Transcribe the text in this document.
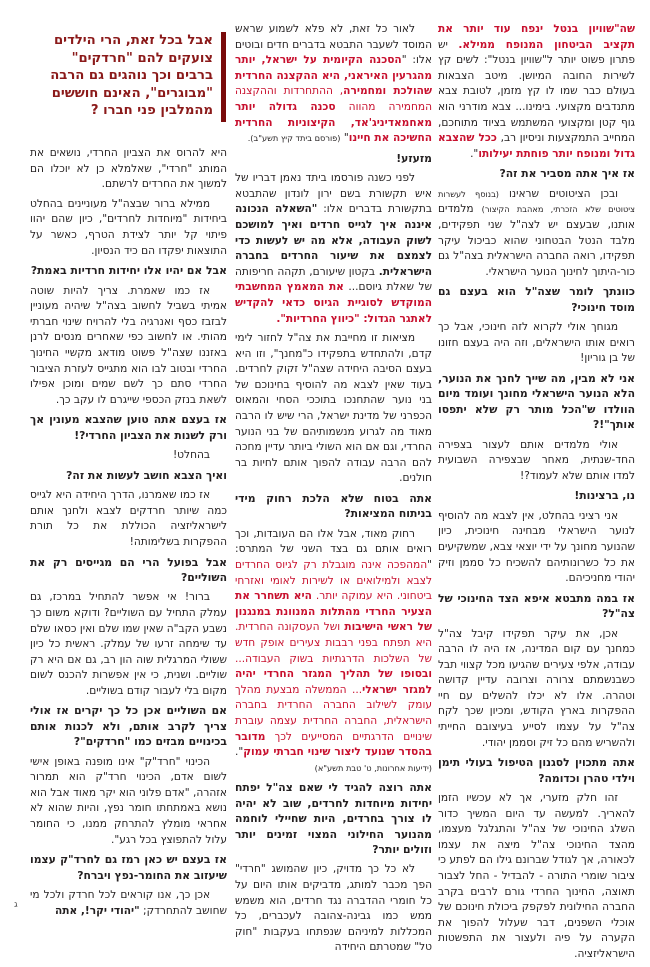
שה"שוויון בנטל ינפח עוד יותר את תקציב הביטחון המנופח ממילא. יש פתרון פשוט יותר ל"שוויון בנטל": לשים קץ לשירות החובה המיושן. מיטב הצבאות בעולם כבר שמו לו קץ מזמן, לטובת צבא מתנדבים מקצועי. בימינו... צבא מודרני הוא גוף קטן ומקצועי המשתמש בציוד מתוחכם, המחייב התמקצעות וניסיון רב, ככל שהצבא גדול ומנופח יותר פוחתת יעילותו".

אז איך אתה מסביר את זה?

ובכן הציטוטים שראינו (בנוסף לעשרות ציטוטים שלא הזכרתי, מאהבת הקיצור) מלמדים אותנו, שבעצם יש לצה"ל שני תפקידים, מלבד הנטל הבטחוני שהוא כביכול עיקר תפקידו, רואה החברה הישראלית בצה"ל גם כור-היתוך לחינוך הנוער הישראלי.

כוונתך לומר שצה"ל הוא בעצם גם מוסד חינוכי?

מגוחך אולי לקרוא לזה חינוכי, אבל כך רואים אותו הישראלים, וזה היה בעצם חזונו של בן גוריון!

אני לא מבין, מה שייך לחנך את הנוער, הלא הנוער הישראלי מחונך ועומד מיום הוולדו ש"הכל מותר רק שלא יתפסו אותך"!?

אולי מלמדים אותם לעצור בצפירה החד-שנתית, מאחר שבצפירה השבועית למדו אותם שלא לעמוד?!

נו, ברצינות!

אני רציני בהחלט, אין לצבא מה להוסיף לנוער הישראלי מבחינה חינוכית, כיון שהנוער מחונך על ידי יוצאי צבא, שמשקיעים את כל כשרונותיהם להשכיח כל סממן וזיק יהודי מחניכיהם.

אז במה מתבטא איפא הצד החינוכי של צה"ל?

אכן, את עיקר תפקידו קיבל צה"ל כמחנך עם קום המדינה, אז היה לו הרבה עבודה, אלפי צעירים שהגיעו מכל קצווי תבל כשבנשמתם צרורה וצרובה עדיין קדושה וטהרה. אלו לא יכלו להשלים עם חיי ההפקרות בארץ הקודש, ומכיון שכך לקח צה"ל על עצמו לסייע בעיצובם החייתי ולהשריש מהם כל זיק וסממן יהודי.

אתה מתכוין לסגנון הטיפול בעולי תימן וילדי טהרן וכדומה?

זהו חלק מזערי, אך לא עכשיו הזמן להאריך. למעשה עד היום המשיך כדור השלג החינוכי של צה"ל והתגלגל מעצמו, מהצד החינוכי צה"ל מיצה את עצמו לכאורה, אך לגודל שברונם גילו הם לפתע כי ציבור שומרי התורה - להבדיל - החל לצבור תאוצה, החינוך החרדי גורם לרבים בקרב החברה החילונית לפקפק ביכולת חינוכם של אוכלי השפנים, דבר שעלול להפוך את הקערה על פיה ולעצור את התפשטות הישראליזציה.

לאור כל זאת, לא פלא לשמוע שראש המוסד לשעבר התבטא בדברים חדים ובוטים אלו: "הסכנה הקיומית על ישראל, יותר מהגרעין האיראני, היא ההקצנה החרדית שהולכת ומחמירה, ההתחרדות וההקצנה המחמירה מהווה סכנה גדולה יותר מאחמאדיניג'אד, הקיצוניות החרדית החשיכה את חיינו" (פורסם ביתד קיץ תשע"ב).

מזעזע!

לפני כשנה פורסמו ביתד נאמן דבריו של איש תקשורת בשם ירון לונדון שהתבטא בתקשורת בדברים אלו: "השאלה הנכונה איננה איך לגייס חרדים ואיך למושכם לשוק העבודה, אלא מה יש לעשות כדי לצמצם את שיעור החרדים בחברה הישראלית. בקטון שיעורם, תקהה חריפותה של שאלת גיוסם... את המאמץ המחשבתי המוקדש לסוגיית הגיוס כדאי להקדיש לאתגר הגדול: "כיווץ החרדיות".

מציאות זו מחייבת את צה"ל לחזור לימי קדם, ולהתחדש בתפקידו כ"מחנך", וזו היא בעצם הסיבה היחידה שצה"ל זקוק לחרדים. בעוד שאין לצבא מה להוסיף בחינוכם של בני נוער שהתחנכו בתוככי הסחי והמאוס הכפרני של מדינת ישראל, הרי שיש לו הרבה מאוד מה לגרוע מנשמותיהם של בני הנוער החרדי, וגם אם הוא השולי ביותר עדיין מחכה להם הרבה עבודה להפוך אותם לחיות בר חולנים.

אתה בטוח שלא הלכת רחוק מידי בניתוח המציאות?

רחוק מאוד, אבל אלו הם העובדות, וכך רואים אותם גם בצד השני של המתרס: "המהפכה אינה מוגבלת רק לגיוס החרדים לצבא ולמילואים או לשירות לאומי ואזרחי ביטחוני. היא עמוקה יותר. היא תשחרר את הצעיר החרדי מהתלות המנוונת במנגנון של ראשי הישיבות ושל העסקונה החרדית. היא תפתח בפני רבבות צעירים אופק חדש של השלכות הדרגתיות בשוק העבודה... ובסופו של תהליך המגזר החרדי יהיה למגזר ישראלי... הממשלה מבצעת מהלך עומק לשילוב החברה החרדית בחברה הישראלית, החברה החרדית עצמה עוברת שינויים הדרגתיים המסייעים לכך מדובר בהסדר שנועד ליצור שינוי חברתי עמוק". (ידיעות אחרונות, ט' טבת תשע"א)

אתה רוצה להגיד לי שאם צה"ל יפתח יחידות מיוחדות לחרדים, שוב לא יהיה לו צורך בחרדים, היות שחיילי לוחמה מהנוער החילוני המצוי זמינים יותר וזולים יותר?

לא כל כך מדויק, כיון שהמושג "חרדי" הפך מכבר למותג, מדביקים אותו היום על כל חומרי ההדברה נגד חרדים, הוא משמש ממש כמו גבינה-צהובה לעכברים, כל המכללות למיניהם שנפתחו בעקבות "חוק טל" שמטרתם היחידה

אבל בכל זאת, הרי הילדים צועקים להם "חרדקים" ברבים וכך נוהגים גם הרבה "מבוגרים", האינם חוששים מהמלבין פני חברו ?

היא להרוס את הצביון החרדי, נושאים את המותג "חרדי", שאלמלא כן לא יוכלו הם למשוך את החרדים לרשתם.

ממילא ברור שבצה"ל מעוניינים בהחלט ביחידות "מיוחדות לחרדים", כיון שהם יהוו פיתוי קל יותר לצידת הטרף, כאשר על התוצאות יפקדו הם כיד הנסיון.

אבל אם יהיו אלו יחידות חרדיות באמת?

אז כמו שאמרת. צריך להיות שוטה אמיתי בשביל לחשוב בצה"ל שיהיה מעוניין לבזבז כסף ואנרגיה בלי להרויח שינוי חברתי מהותי. או לחשוב כפי שאחרים מנסים לרנן באזננו שצה"ל פשוט מודאג מקשיי החינוך החרדי ובטוב לבו הוא מתגייס לעזרת הציבור החרדי סתם כך לשם שמים ומוכן אפילו לשאת בנזק הכספי שייגרם לו עקב כך.

אז בעצם אתה טוען שהצבא מעונין אך ורק לשנות את הצביון החרדי?!

בהחלט!

ואיך הצבא חושב לעשות את זה?

אז כמו שאמרנו, הדרך היחידה היא לגייס כמה שיותר חרדקים לצבא ולחנך אותם לישראליזציה הכוללת את כל תורת ההפקרות בשלימותה!

אבל בפועל הרי הם מגייסים רק את השוליים?

ברור! אי אפשר להתחיל במרכז, גם עמלק התחיל עם השוליים? ודוקא משום כך נשבע הקב"ה שאין שמו שלם ואין כסאו שלם עד שימחה זרעו של עמלק. ראשית כל כיון ששולי המרגלית שוה הון רב, גם אם היא רק שוליים. ושנית, כי אין אפשרות להכנס לשום מקום בלי לעבור קודם בשוליים.

אם השוליים אכן כל כך יקרים אז אולי צריך לקרב אותם, ולא לכנות אותם בכינויים מבזים כמו "חרדקים"?

הכינוי "חרד"ק" אינו מופנה באופן אישי לשום אדם, הכינוי חרד"ק הוא תמרור אזהרה, "אדם פלוני הוא יקר מאוד אבל הוא נושא באמתחתו חומר נפץ, והיות שהוא לא אחראי מומלץ להתרחק ממנו, כי החומר עלול להתפוצץ בכל רגע".

אז בעצם יש כאן רמז גם לחרד"ק עצמו שיעזוב את החומר-נפץ ויברח?

אכן כך, אנו קוראים לכל חרדק ולכל מי שחושב להתחרדק; "יהודי יקר!, אתה

ג
